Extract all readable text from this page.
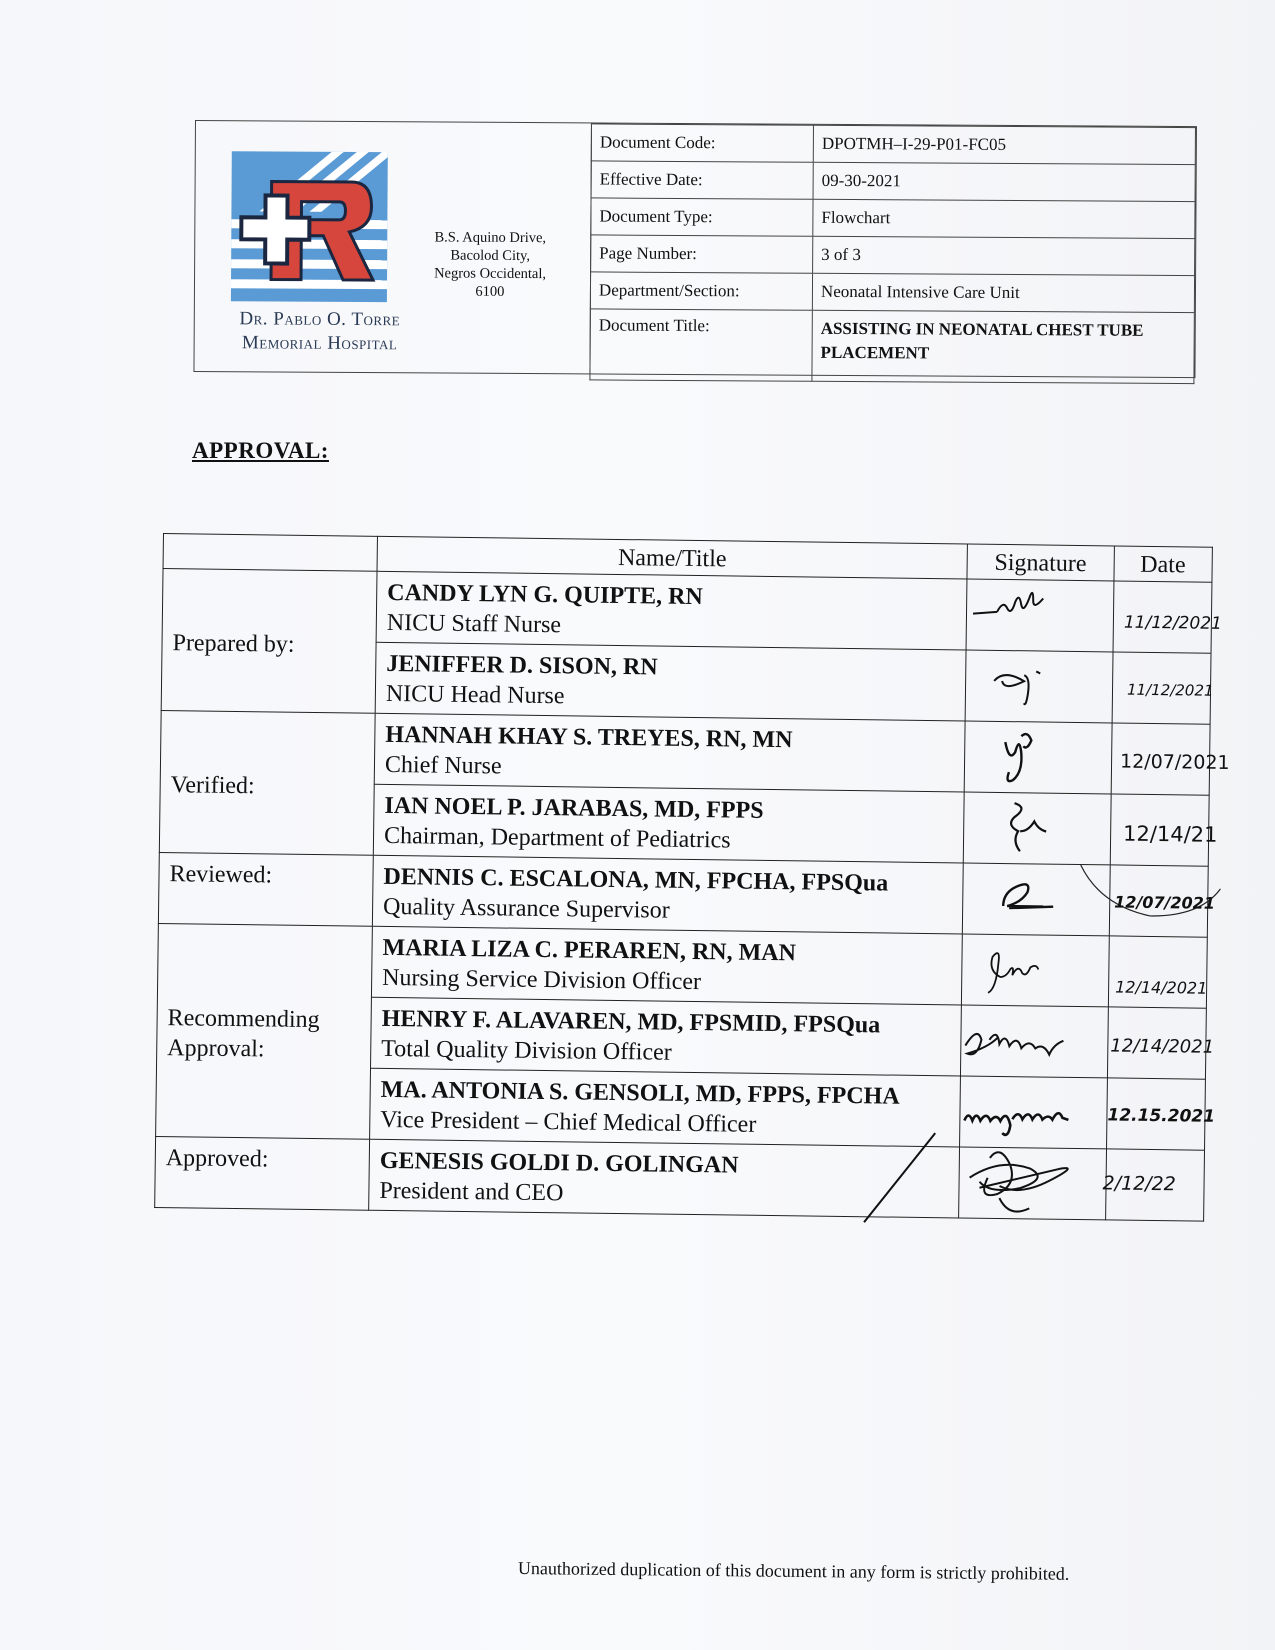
Dr. Pablo O. Torre
Memorial Hospital
B.S. Aquino Drive,
Bacolod City,
Negros Occidental,
6100
Document Code:	DPOTMH–I-29-P01-FC05
Effective Date:	09-30-2021
Document Type:	Flowchart
Page Number:	3 of 3
Department/Section:	Neonatal Intensive Care Unit
Document Title:	ASSISTING IN NEONATAL CHEST TUBE PLACEMENT
APPROVAL:
	Name/Title	Signature	Date
Prepared by:	CANDY LYN G. QUIPTE, RN
NICU Staff Nurse		11/12/2021

	JENIFFER D. SISON, RN
NICU Head Nurse		11/12/2021

Verified:	HANNAH KHAY S. TREYES, RN, MN
Chief Nurse		12/07/2021

	IAN NOEL P. JARABAS, MD, FPPS
Chairman, Department of Pediatrics		12/14/21

Reviewed:	DENNIS C. ESCALONA, MN, FPCHA, FPSQua
Quality Assurance Supervisor		12/07/2021

Recommending Approval:	MARIA LIZA C. PERAREN, RN, MAN
Nursing Service Division Officer		12/14/2021

	HENRY F. ALAVAREN, MD, FPSMID, FPSQua
Total Quality Division Officer		12/14/2021

	MA. ANTONIA S. GENSOLI, MD, FPPS, FPCHA
Vice President – Chief Medical Officer		12.15.2021

Approved:	GENESIS GOLDI D. GOLINGAN
President and CEO		2/12/22
Unauthorized duplication of this document in any form is strictly prohibited.
